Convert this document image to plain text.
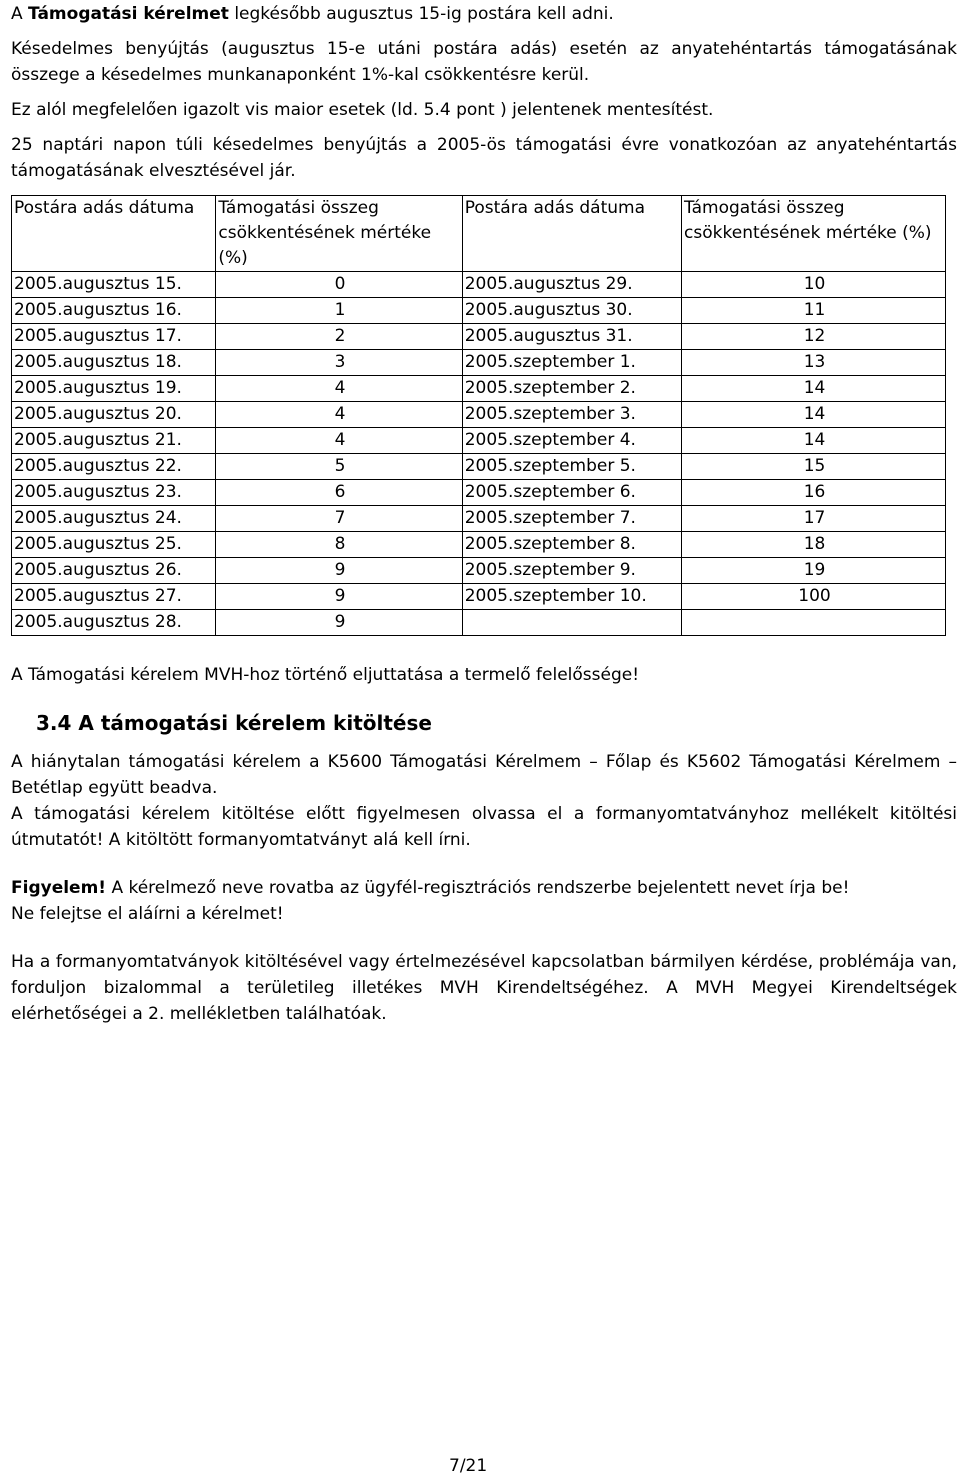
A Támogatási kérelmet legkésőbb augusztus 15-ig postára kell adni.

Késedelmes benyújtás (augusztus 15-e utáni postára adás) esetén az anyatehéntartás támogatásának összege a késedelmes munkanaponként 1%-kal csökkentésre kerül.

Ez alól megfelelően igazolt vis maior esetek (ld. 5.4 pont ) jelentenek mentesítést.

25 naptári napon túli késedelmes benyújtás a 2005-ös támogatási évre vonatkozóan az anyatehéntartás támogatásának elvesztésével jár.

Postára adás dátuma	Támogatási összeg csökkentésének mértéke (%)	Postára adás dátuma	Támogatási összeg csökkentésének mértéke (%)
2005.augusztus 15.	0	2005.augusztus 29.	10
2005.augusztus 16.	1	2005.augusztus 30.	11
2005.augusztus 17.	2	2005.augusztus 31.	12
2005.augusztus 18.	3	2005.szeptember 1.	13
2005.augusztus 19.	4	2005.szeptember 2.	14
2005.augusztus 20.	4	2005.szeptember 3.	14
2005.augusztus 21.	4	2005.szeptember 4.	14
2005.augusztus 22.	5	2005.szeptember 5.	15
2005.augusztus 23.	6	2005.szeptember 6.	16
2005.augusztus 24.	7	2005.szeptember 7.	17
2005.augusztus 25.	8	2005.szeptember 8.	18
2005.augusztus 26.	9	2005.szeptember 9.	19
2005.augusztus 27.	9	2005.szeptember 10.	100
2005.augusztus 28.	9		

A Támogatási kérelem MVH-hoz történő eljuttatása a termelő felelőssége!

3.4 A támogatási kérelem kitöltése

A hiánytalan támogatási kérelem a K5600 Támogatási Kérelmem – Főlap és K5602 Támogatási Kérelmem – Betétlap együtt beadva.

A támogatási kérelem kitöltése előtt figyelmesen olvassa el a formanyomtatványhoz mellékelt kitöltési útmutatót! A kitöltött formanyomtatványt alá kell írni.

Figyelem! A kérelmező neve rovatba az ügyfél-regisztrációs rendszerbe bejelentett nevet írja be!

Ne felejtse el aláírni a kérelmet!

Ha a formanyomtatványok kitöltésével vagy értelmezésével kapcsolatban bármilyen kérdése, problémája van, forduljon bizalommal a területileg illetékes MVH Kirendeltségéhez. A MVH Megyei Kirendeltségek elérhetőségei a 2. mellékletben találhatóak.

7/21
